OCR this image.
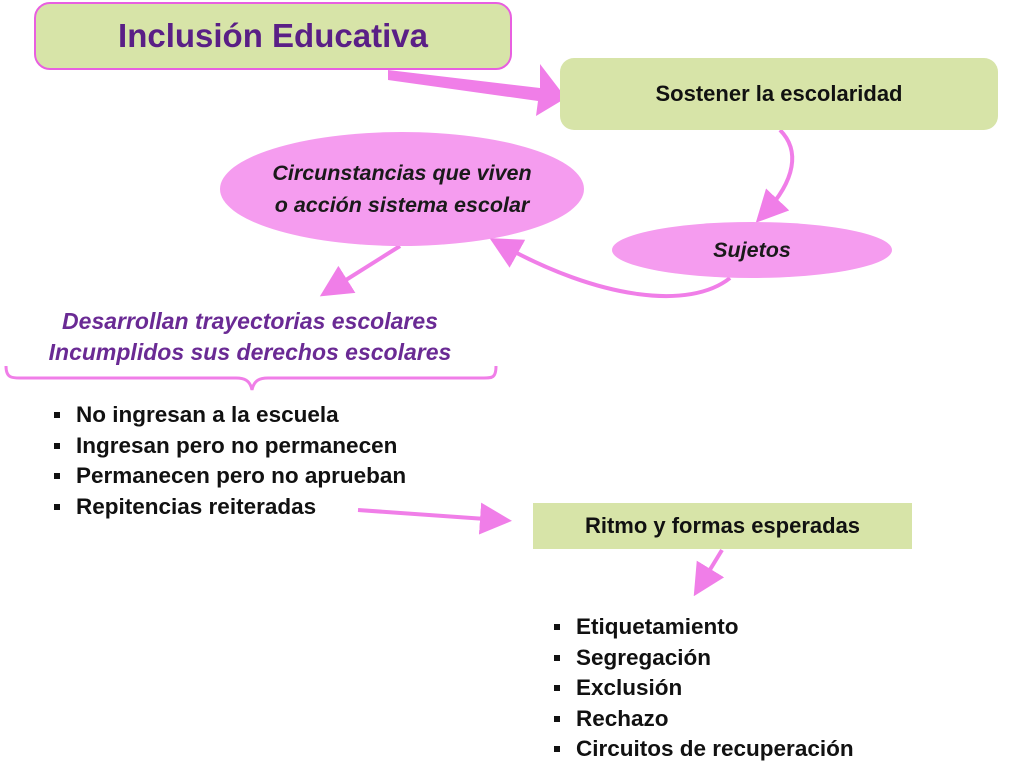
Inclusión Educativa
Sostener la escolaridad
Circunstancias que viven
o acción sistema escolar
Sujetos
Desarrollan trayectorias escolares
Incumplidos sus derechos escolares
No ingresan a la escuela
Ingresan pero no permanecen
Permanecen pero no aprueban
Repitencias reiteradas
Ritmo y formas esperadas
Etiquetamiento
Segregación
Exclusión
Rechazo
Circuitos de recuperación
